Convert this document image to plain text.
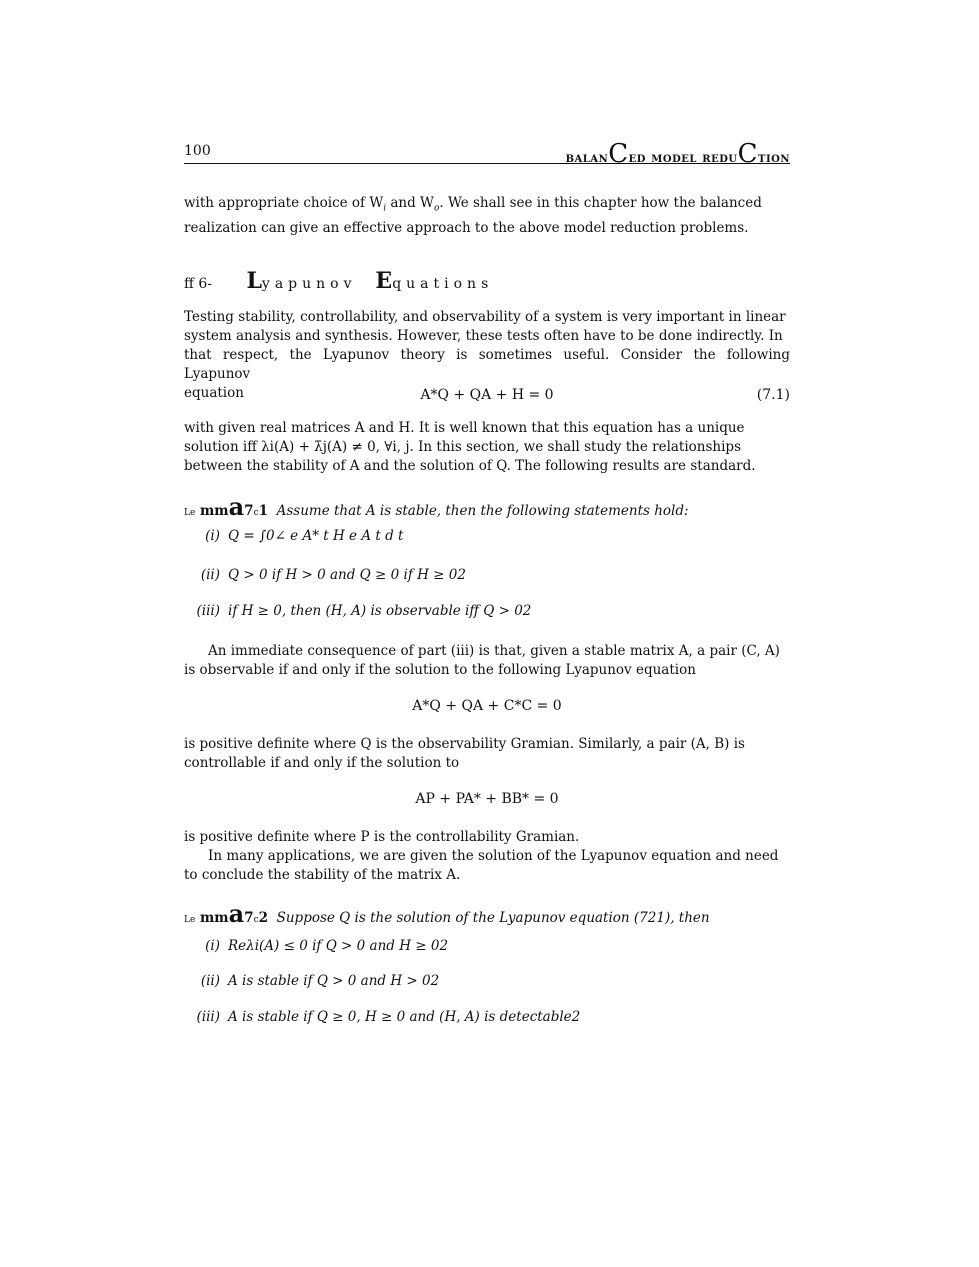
100	balanCed model reduCtion
with appropriate choice of $W_i$ and $W_o$. We shall see in this chapter how the balanced
realization can give an effective approach to the above model reduction problems.
ff 6- Lyapunov Equations
Testing stability, controllability, and observability of a system is very important in linear
system analysis and synthesis. However, these tests often have to be done indirectly. In
that respect, the Lyapunov theory is sometimes useful. Consider the following Lyapunov
equation	A*Q + QA + H = 0	(7.1)
with given real matrices A and H. It is well known that this equation has a unique
solution iff λi(A) + λ̄j(A) ≠ 0, ∀i, j. In this section, we shall study the relationships
between the stability of A and the solution of Q. The following results are standard.
Le mma7c1 Assume that A is stable, then the following statements hold:
(i) Q = ∫0∠ e A* t H e A t d t
(ii) Q > 0 if H > 0 and Q ≥ 0 if H ≥ 02
(iii) if H ≥ 0, then (H, A) is observable iff Q > 02
An immediate consequence of part (iii) is that, given a stable matrix A, a pair (C, A)
is observable if and only if the solution to the following Lyapunov equation
A*Q + QA + C*C = 0
is positive definite where Q is the observability Gramian. Similarly, a pair (A, B) is
controllable if and only if the solution to
AP + PA* + BB* = 0
is positive definite where P is the controllability Gramian.
In many applications, we are given the solution of the Lyapunov equation and need
to conclude the stability of the matrix A.
Le mma7c2 Suppose Q is the solution of the Lyapunov equation (721), then
(i) Reλi(A) ≤ 0 if Q > 0 and H ≥ 02
(ii) A is stable if Q > 0 and H > 02
(iii) A is stable if Q ≥ 0, H ≥ 0 and (H, A) is detectable2
